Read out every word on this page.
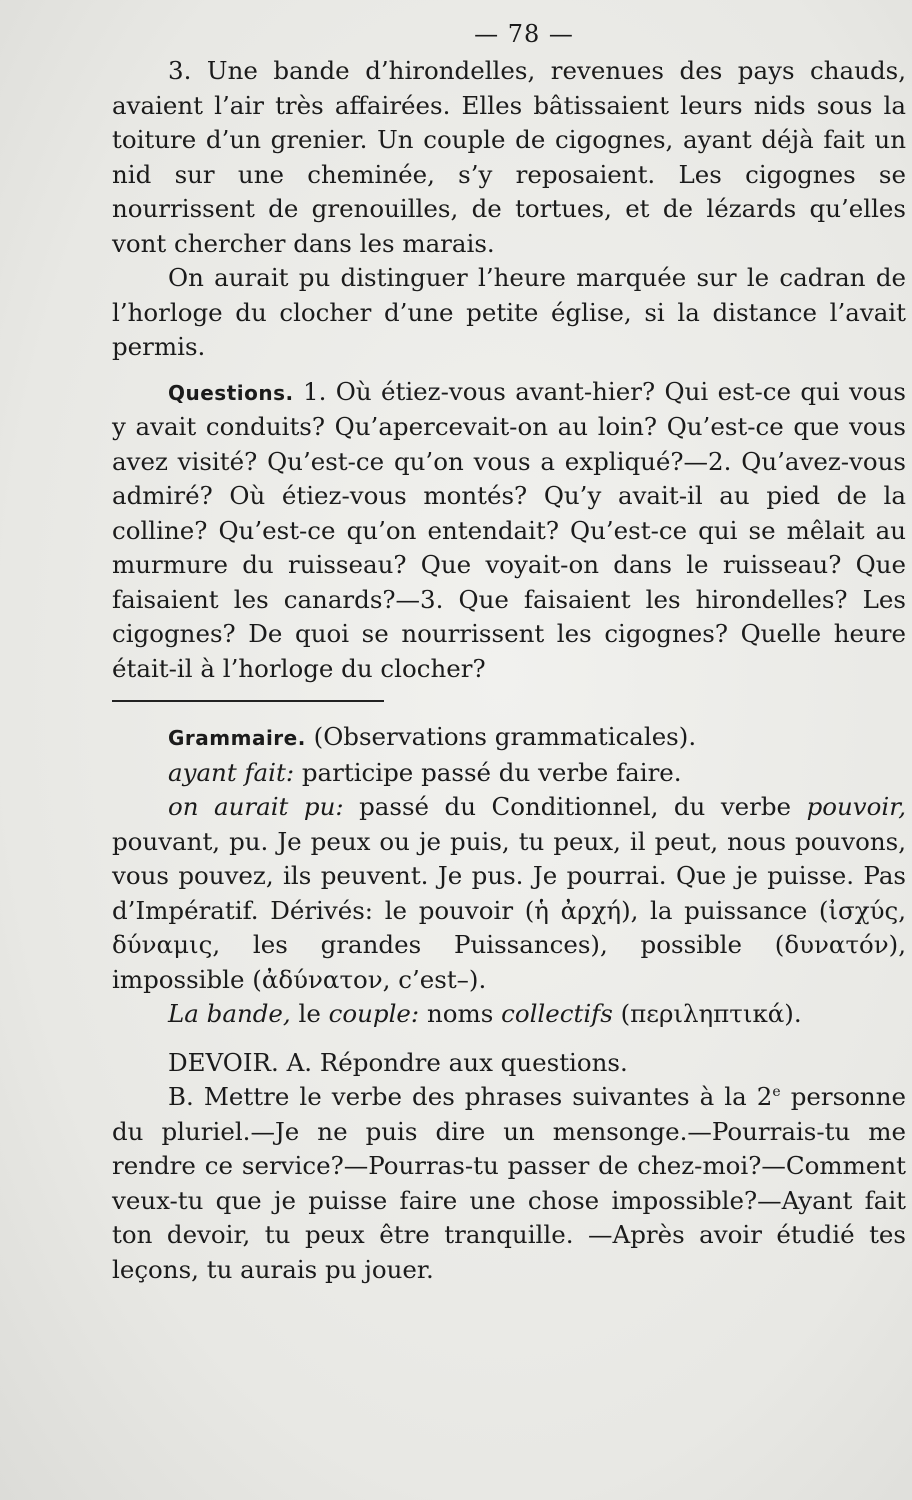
— 78 —

3. Une bande d’hirondelles, revenues des pays chauds, avaient l’air très affairées. Elles bâtissaient leurs nids sous la toiture d’un grenier. Un couple de cigognes, ayant déjà fait un nid sur une cheminée, s’y reposaient. Les cigognes se nourrissent de grenouilles, de tortues, et de lézards qu’elles vont chercher dans les marais.

On aurait pu distinguer l’heure marquée sur le cadran de l’horloge du clocher d’une petite église, si la distance l’avait permis.

Questions. 1. Où étiez-vous avant-hier? Qui est-ce qui vous y avait conduits? Qu’apercevait-on au loin? Qu’est-ce que vous avez visité? Qu’est-ce qu’on vous a expliqué?—2. Qu’avez-vous admiré? Où étiez-vous montés? Qu’y avait-il au pied de la colline? Qu’est-ce qu’on entendait? Qu’est-ce qui se mêlait au murmure du ruisseau? Que voyait-on dans le ruisseau? Que faisaient les canards?—3. Que faisaient les hirondelles? Les cigognes? De quoi se nourrissent les cigognes? Quelle heure était-il à l’horloge du clocher?

Grammaire. (Observations grammaticales).

ayant fait: participe passé du verbe faire.

on aurait pu: passé du Conditionnel, du verbe pouvoir, pouvant, pu. Je peux ou je puis, tu peux, il peut, nous pouvons, vous pouvez, ils peuvent. Je pus. Je pourrai. Que je puisse. Pas d’Impératif. Dérivés: le pouvoir (ἡ ἀρχή), la puissance (ἰσχύς, δύναμις, les grandes Puissances), possible (δυνατόν), impossible (ἀδύνατον, c’est–).

La bande, le couple: noms collectifs (περιληπτικά).

DEVOIR. A. Répondre aux questions.

B. Mettre le verbe des phrases suivantes à la 2e personne du pluriel.—Je ne puis dire un mensonge.—Pourrais-tu me rendre ce service?—Pourras-tu passer de chez-moi?—Comment veux-tu que je puisse faire une chose impossible?—Ayant fait ton devoir, tu peux être tranquille. —Après avoir étudié tes leçons, tu aurais pu jouer.
